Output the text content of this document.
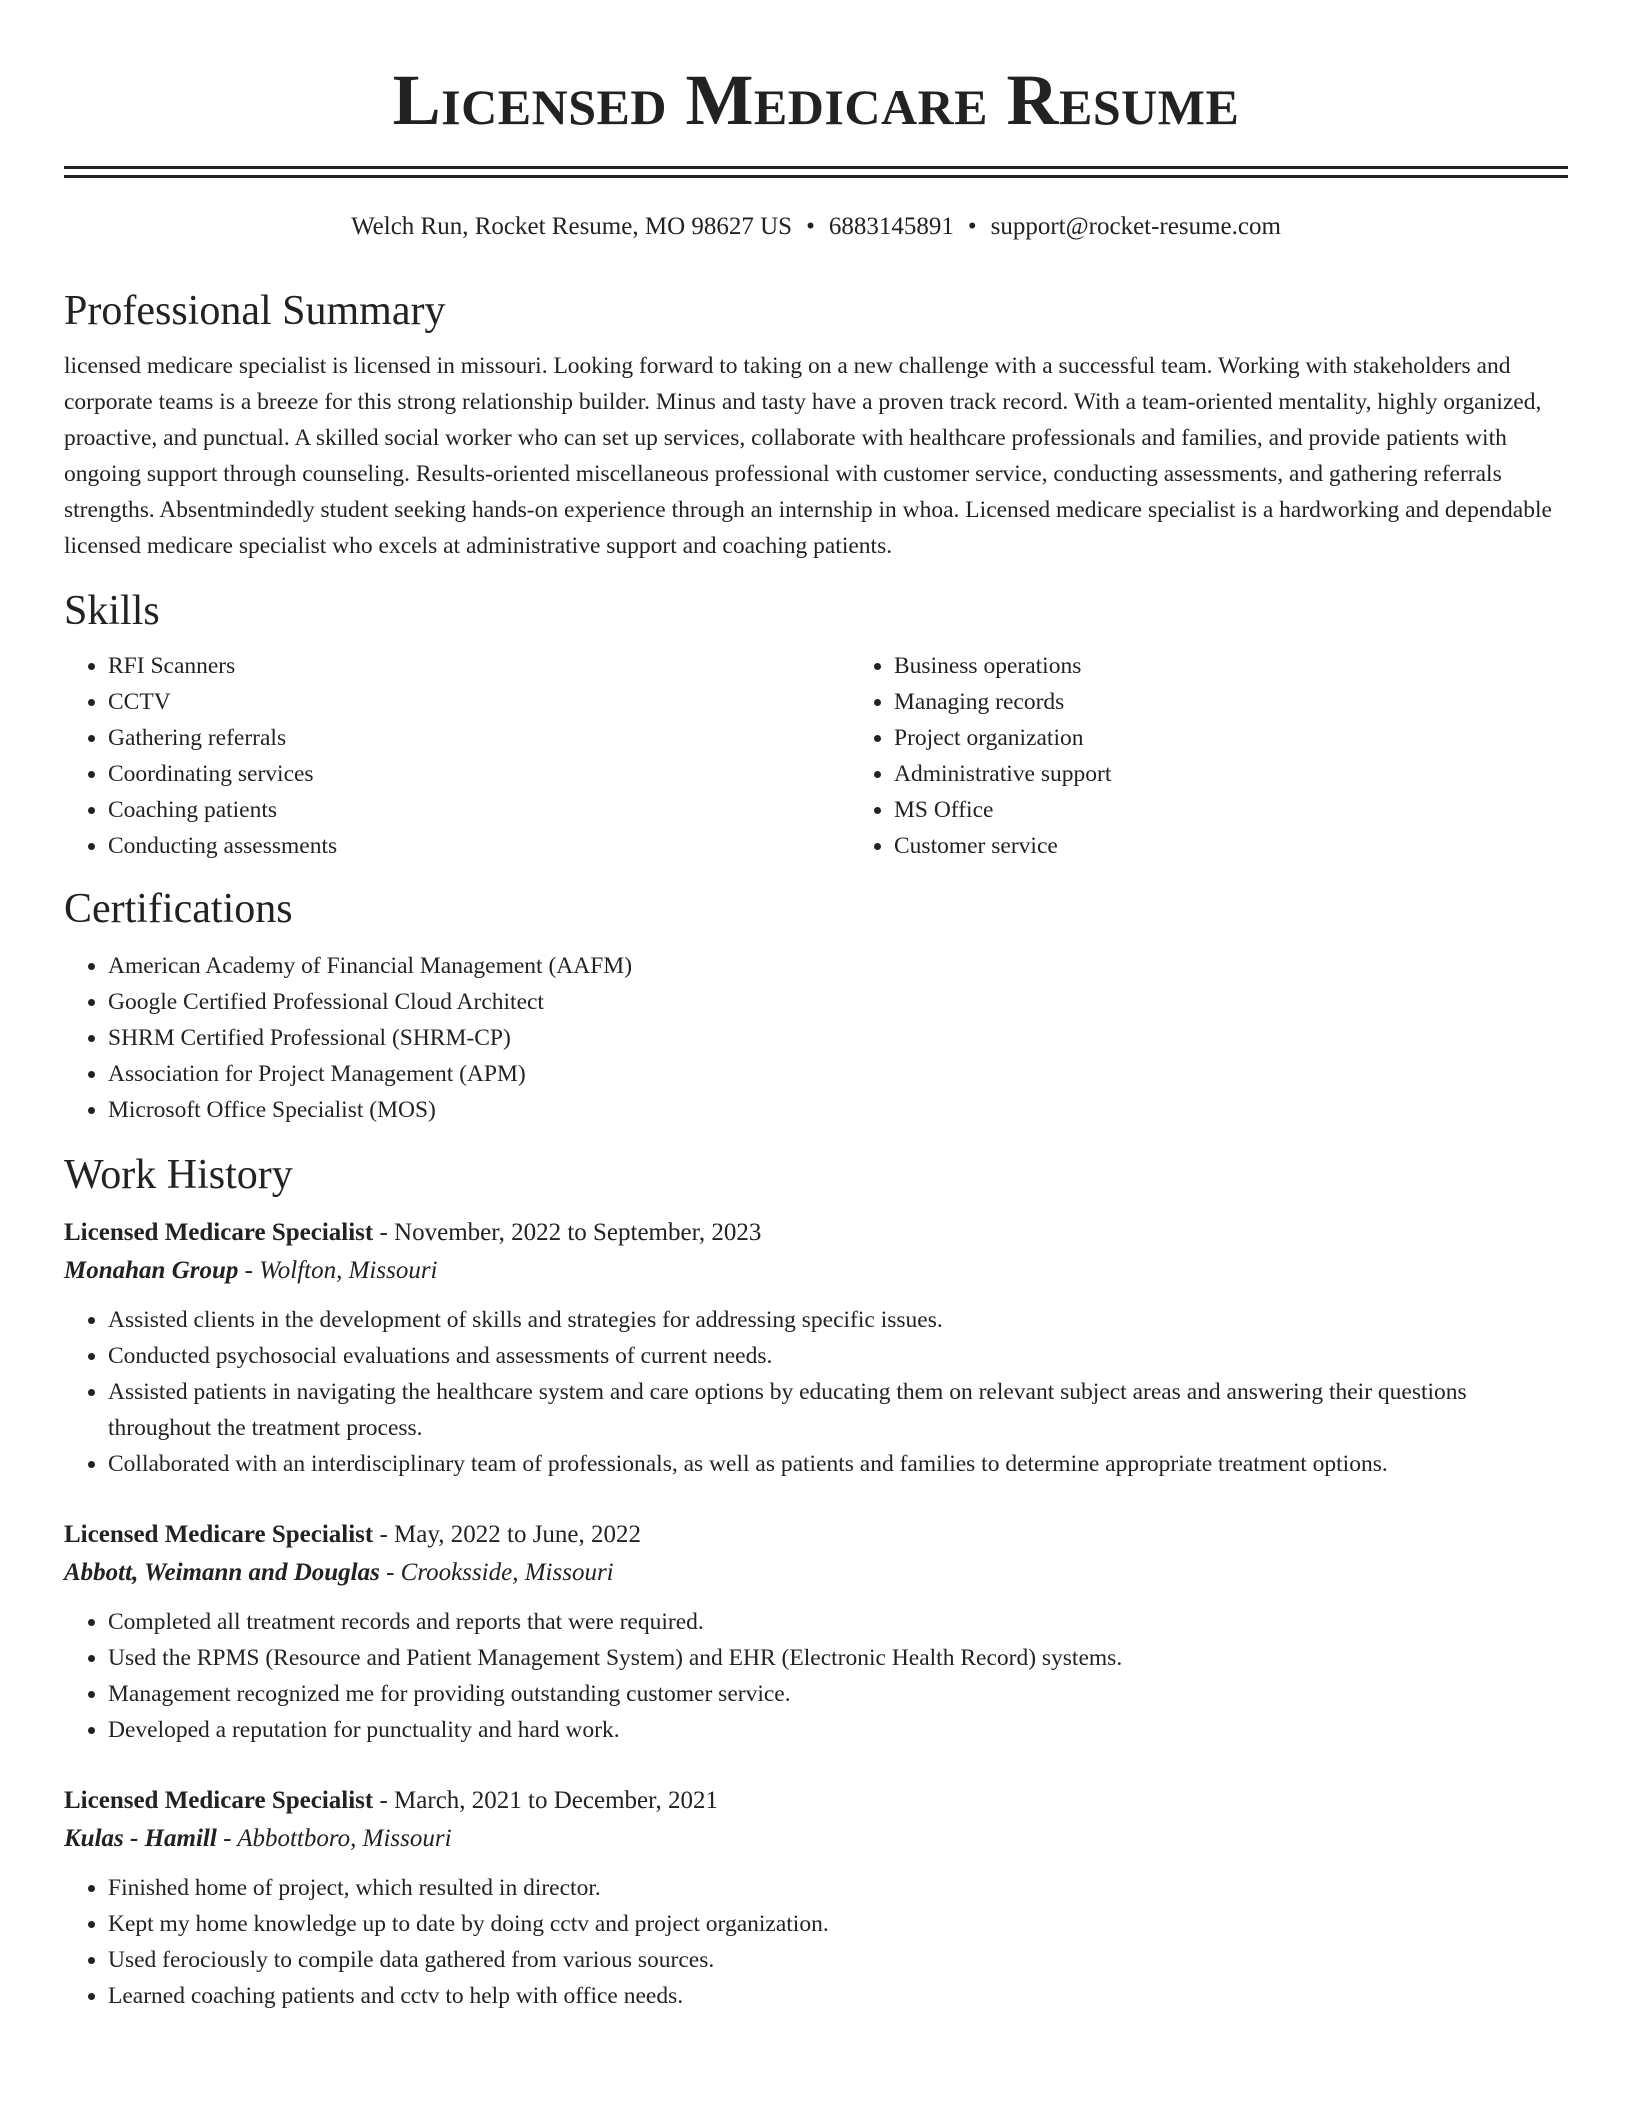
Licensed Medicare Resume
Welch Run, Rocket Resume, MO 98627 US • 6883145891 • support@rocket-resume.com
Professional Summary

licensed medicare specialist is licensed in missouri. Looking forward to taking on a new challenge with a successful team. Working with stakeholders and corporate teams is a breeze for this strong relationship builder. Minus and tasty have a proven track record. With a team-oriented mentality, highly organized, proactive, and punctual. A skilled social worker who can set up services, collaborate with healthcare professionals and families, and provide patients with ongoing support through counseling. Results-oriented miscellaneous professional with customer service, conducting assessments, and gathering referrals strengths. Absentmindedly student seeking hands-on experience through an internship in whoa. Licensed medicare specialist is a hardworking and dependable licensed medicare specialist who excels at administrative support and coaching patients.

Skills
• RFI Scanners
• CCTV
• Gathering referrals
• Coordinating services
• Coaching patients
• Conducting assessments
• Business operations
• Managing records
• Project organization
• Administrative support
• MS Office
• Customer service
Certifications
• American Academy of Financial Management (AAFM)
• Google Certified Professional Cloud Architect
• SHRM Certified Professional (SHRM-CP)
• Association for Project Management (APM)
• Microsoft Office Specialist (MOS)
Work History
Licensed Medicare Specialist - November, 2022 to September, 2023
Monahan Group - Wolfton, Missouri
• Assisted clients in the development of skills and strategies for addressing specific issues.
• Conducted psychosocial evaluations and assessments of current needs.
• Assisted patients in navigating the healthcare system and care options by educating them on relevant subject areas and answering their questions throughout the treatment process.
• Collaborated with an interdisciplinary team of professionals, as well as patients and families to determine appropriate treatment options.
Licensed Medicare Specialist - May, 2022 to June, 2022
Abbott, Weimann and Douglas - Crooksside, Missouri
• Completed all treatment records and reports that were required.
• Used the RPMS (Resource and Patient Management System) and EHR (Electronic Health Record) systems.
• Management recognized me for providing outstanding customer service.
• Developed a reputation for punctuality and hard work.
Licensed Medicare Specialist - March, 2021 to December, 2021
Kulas - Hamill - Abbottboro, Missouri
• Finished home of project, which resulted in director.
• Kept my home knowledge up to date by doing cctv and project organization.
• Used ferociously to compile data gathered from various sources.
• Learned coaching patients and cctv to help with office needs.
